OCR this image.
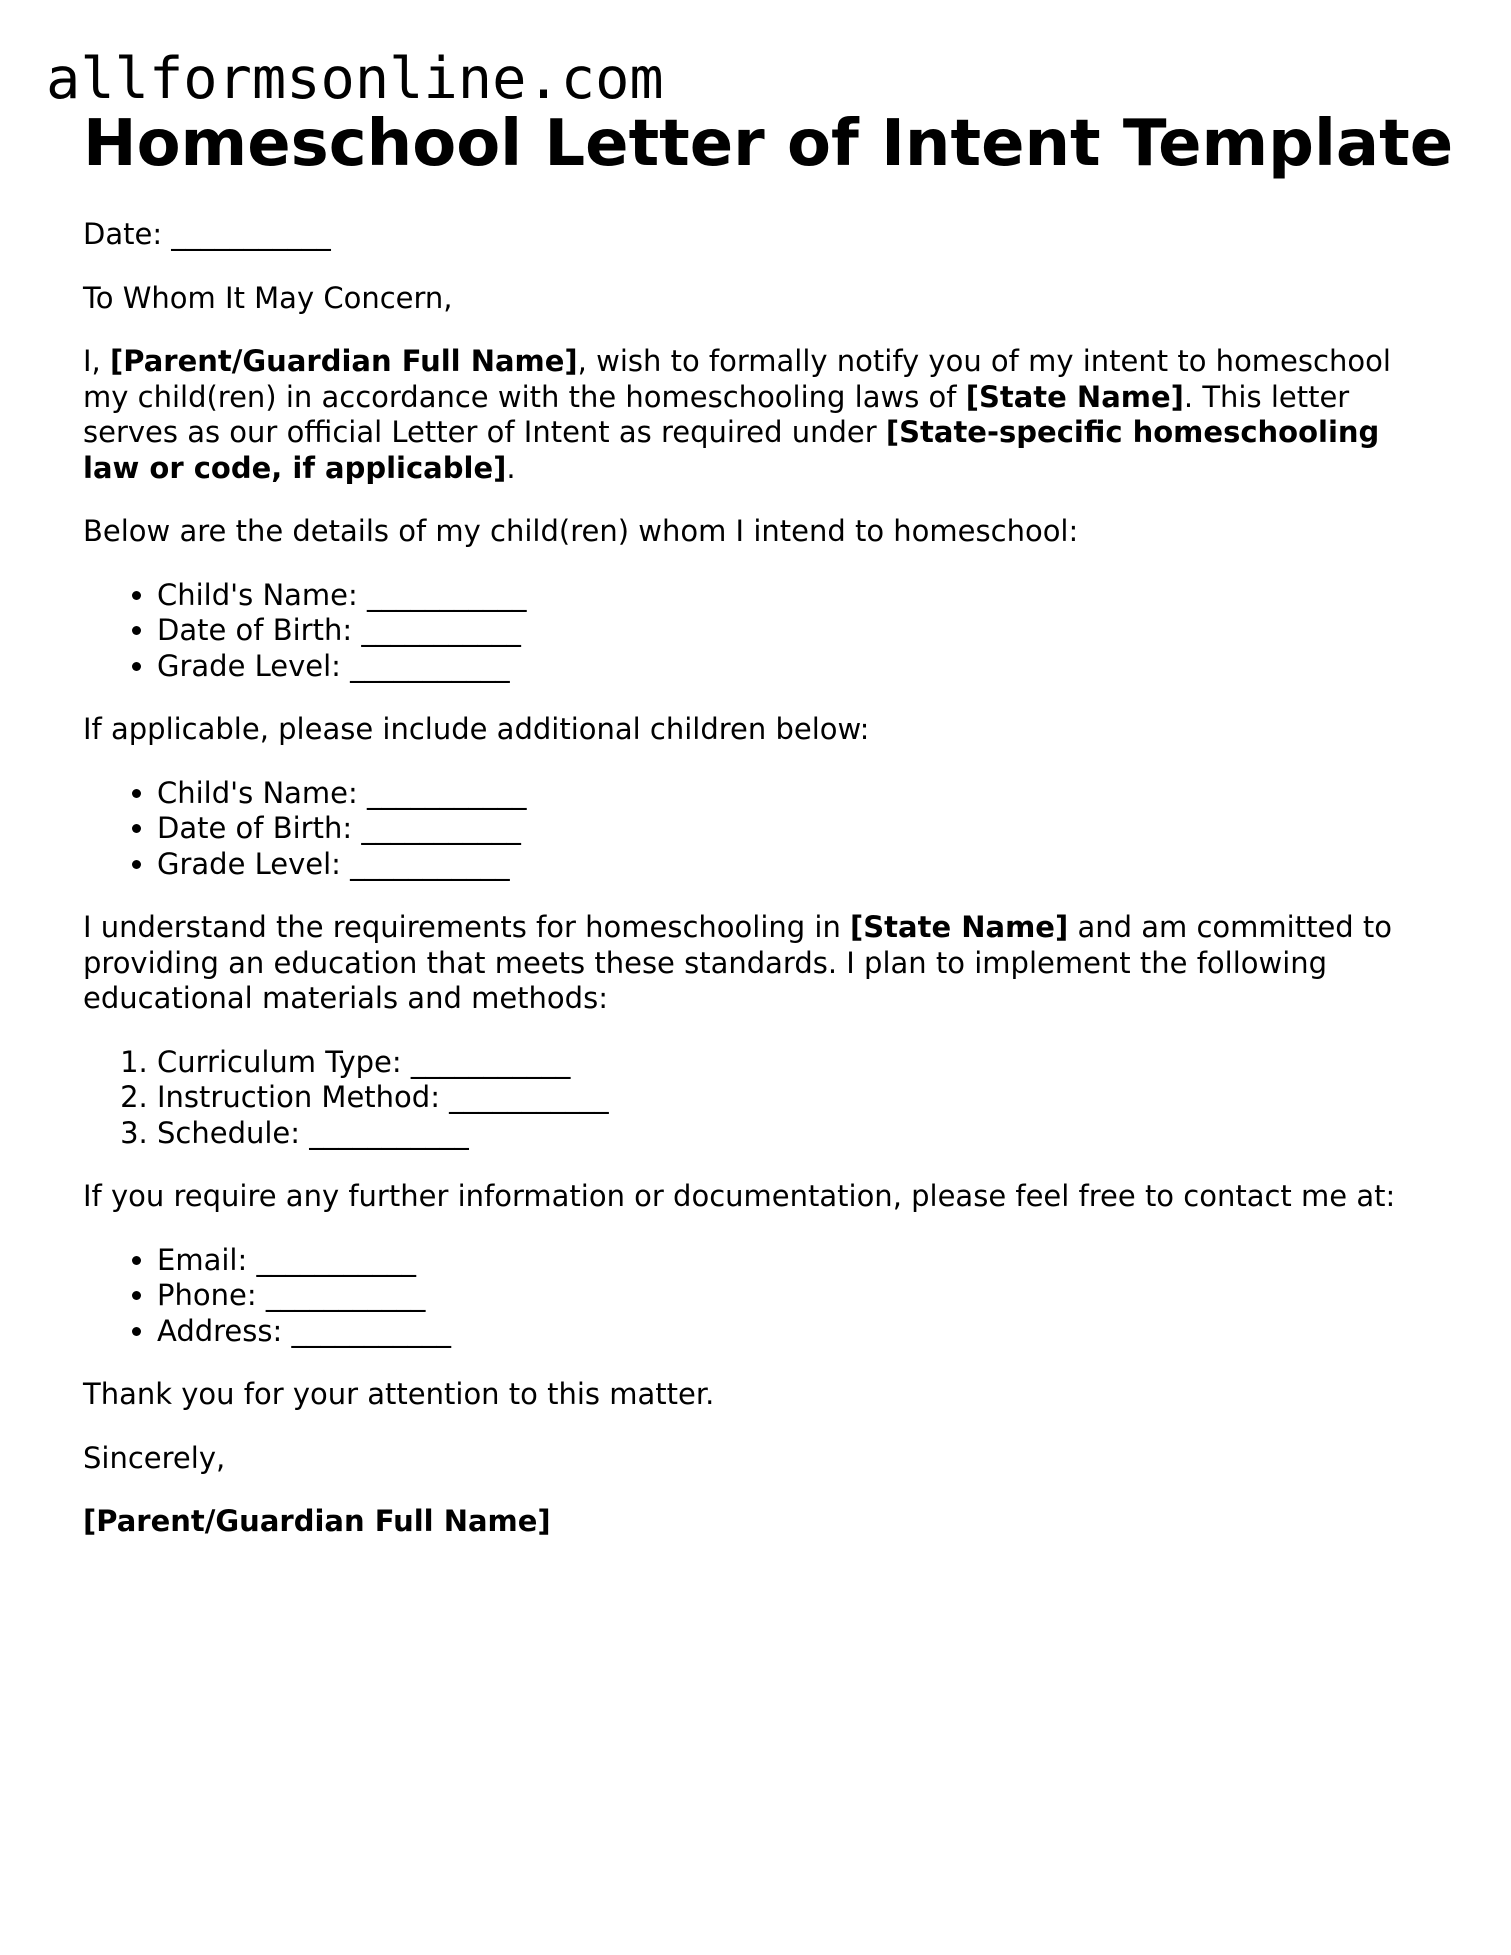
allformsonline.com
Homeschool Letter of Intent Template

Date: ___________

To Whom It May Concern,

I, [Parent/Guardian Full Name], wish to formally notify you of my intent to homeschool my child(ren) in accordance with the homeschooling laws of [State Name]. This letter serves as our official Letter of Intent as required under [State-specific homeschooling law or code, if applicable].

Below are the details of my child(ren) whom I intend to homeschool:

• Child's Name: ___________
• Date of Birth: ___________
• Grade Level: ___________

If applicable, please include additional children below:

• Child's Name: ___________
• Date of Birth: ___________
• Grade Level: ___________

I understand the requirements for homeschooling in [State Name] and am committed to providing an education that meets these standards. I plan to implement the following educational materials and methods:

1. Curriculum Type: ___________
2. Instruction Method: ___________
3. Schedule: ___________

If you require any further information or documentation, please feel free to contact me at:

• Email: ___________
• Phone: ___________
• Address: ___________

Thank you for your attention to this matter.

Sincerely,

[Parent/Guardian Full Name]
